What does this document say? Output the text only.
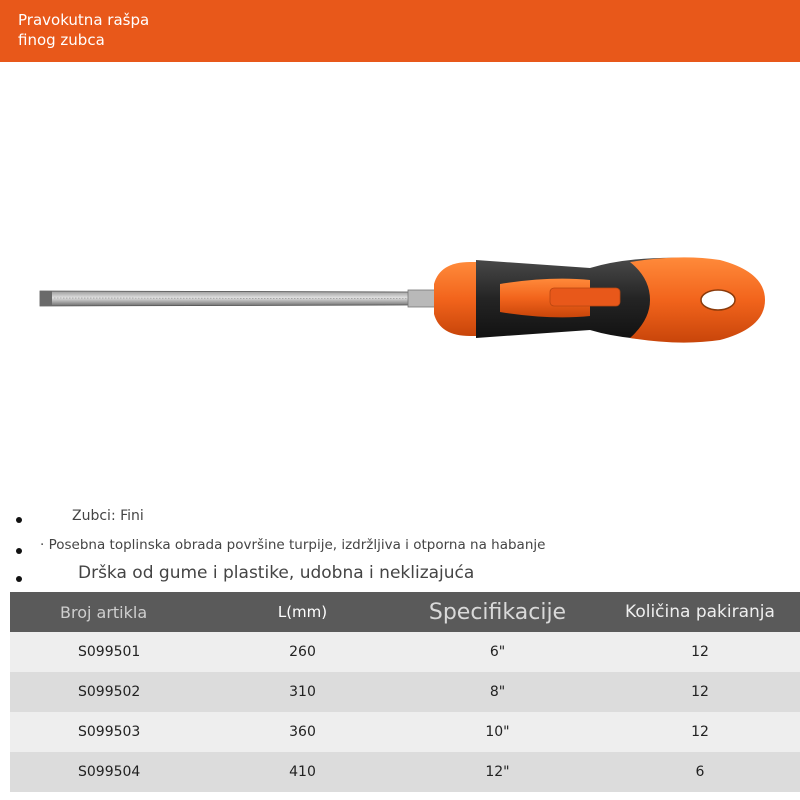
Pravokutna rašpa
finog zubca
Zubci: Fini
· Posebna toplinska obrada površine turpije, izdržljiva i otporna na habanje
Drška od gume i plastike, udobna i neklizajuća
Broj artikla	L(mm)	Specifikacije	Količina pakiranja
S099501	260	6"	12
S099502	310	8"	12
S099503	360	10"	12
S099504	410	12"	6
